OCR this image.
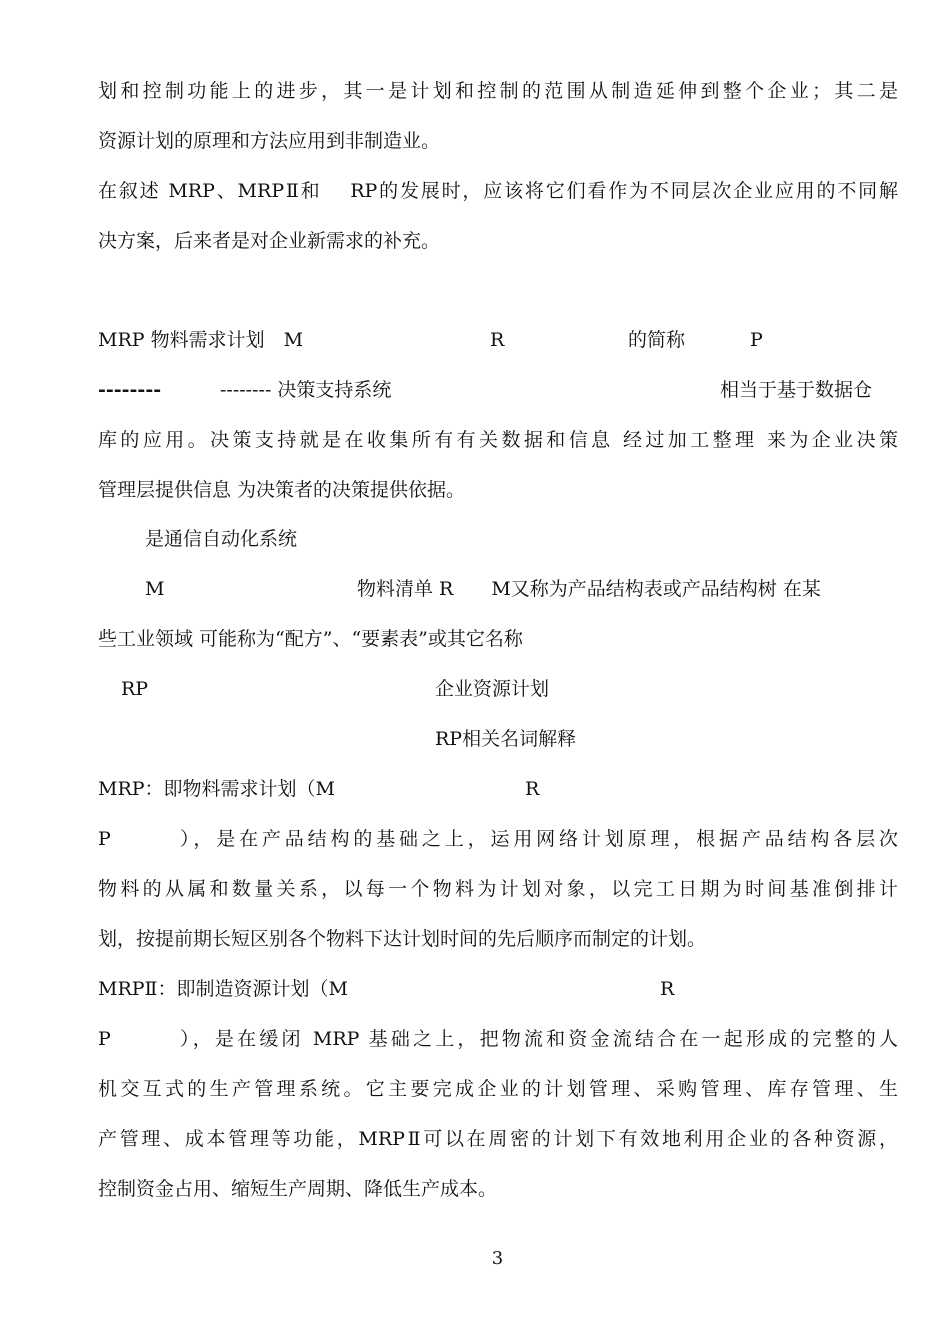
划和控制功能上的进步，其一是计划和控制的范围从制造延伸到整个企业；其二是
资源计划的原理和方法应用到非制造业。
在叙述 MRP、MRPⅡ和　 RP的发展时，应该将它们看作为不同层次企业应用的不同解
决方案，后来者是对企业新需求的补充。
MRP 物料需求计划　M	R	的简称	P
--------	-------- 决策支持系统	相当于基于数据仓
库的应用。决策支持就是在收集所有有关数据和信息 经过加工整理 来为企业决策
管理层提供信息 为决策者的决策提供依据。
是通信自动化系统
M	物料清单 R　　M又称为产品结构表或产品结构树 在某
些工业领域 可能称为“配方”、“要素表”或其它名称
RP	企业资源计划
RP相关名词解释
MRP：即物料需求计划（M	R
P	），是在产品结构的基础之上，运用网络计划原理，根据产品结构各层次
物料的从属和数量关系，以每一个物料为计划对象，以完工日期为时间基准倒排计
划，按提前期长短区别各个物料下达计划时间的先后顺序而制定的计划。
MRPⅡ：即制造资源计划（M	R
P	），是在缓闭 MRP 基础之上，把物流和资金流结合在一起形成的完整的人
机交互式的生产管理系统。它主要完成企业的计划管理、采购管理、库存管理、生
产管理、成本管理等功能，MRPⅡ可以在周密的计划下有效地利用企业的各种资源，
控制资金占用、缩短生产周期、降低生产成本。
3
